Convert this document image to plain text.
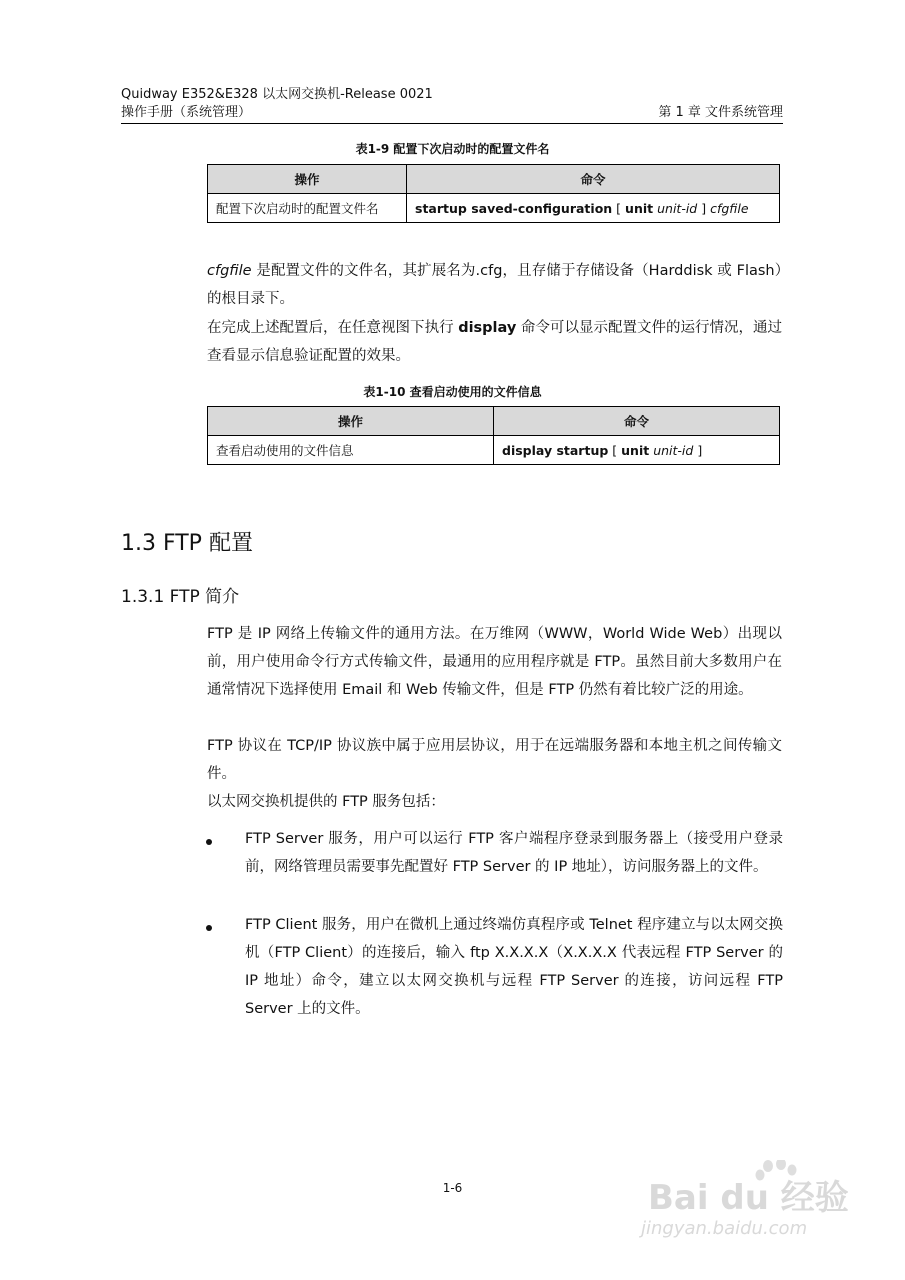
Quidway E352&E328 以太网交换机-Release 0021
操作手册（系统管理）	第 1 章 文件系统管理
表1-9 配置下次启动时的配置文件名
操作	命令
配置下次启动时的配置文件名	startup saved-configuration [ unit unit-id ] cfgfile

cfgfile 是配置文件的文件名，其扩展名为.cfg，且存储于存储设备（Harddisk 或 Flash）的根目录下。

在完成上述配置后，在任意视图下执行 display 命令可以显示配置文件的运行情况，通过查看显示信息验证配置的效果。

表1-10 查看启动使用的文件信息
操作	命令
查看启动使用的文件信息	display startup [ unit unit-id ]
1.3 FTP 配置
1.3.1 FTP 简介

FTP 是 IP 网络上传输文件的通用方法。在万维网（WWW，World Wide Web）出现以前，用户使用命令行方式传输文件，最通用的应用程序就是 FTP。虽然目前大多数用户在通常情况下选择使用 Email 和 Web 传输文件，但是 FTP 仍然有着比较广泛的用途。

FTP 协议在 TCP/IP 协议族中属于应用层协议，用于在远端服务器和本地主机之间传输文件。

以太网交换机提供的 FTP 服务包括：

FTP Server 服务，用户可以运行 FTP 客户端程序登录到服务器上（接受用户登录前，网络管理员需要事先配置好 FTP Server 的 IP 地址），访问服务器上的文件。

FTP Client 服务，用户在微机上通过终端仿真程序或 Telnet 程序建立与以太网交换机（FTP Client）的连接后，输入 ftp X.X.X.X（X.X.X.X 代表远程 FTP Server 的 IP 地址）命令，建立以太网交换机与远程 FTP Server 的连接，访问远程 FTP Server 上的文件。

1-6	Bai du 经验
jingyan.baidu.com
